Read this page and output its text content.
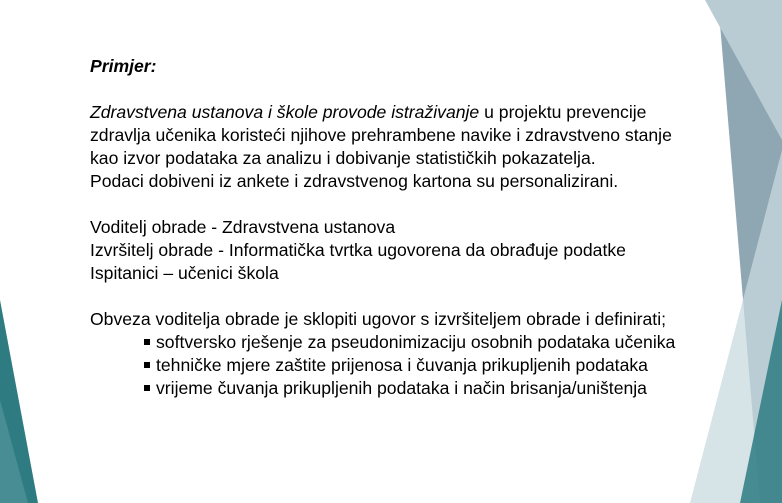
Primjer:
Zdravstvena ustanova i škole provode istraživanje u projektu prevencije
zdravlja učenika koristeći njihove prehrambene navike i zdravstveno stanje
kao izvor podataka za analizu i dobivanje statističkih pokazatelja.
Podaci dobiveni iz ankete i zdravstvenog kartona su personalizirani.
Voditelj obrade - Zdravstvena ustanova
Izvršitelj obrade - Informatička tvrtka ugovorena da obrađuje podatke
Ispitanici – učenici škola
Obveza voditelja obrade je sklopiti ugovor s izvršiteljem obrade i definirati;
softversko rješenje za pseudonimizaciju osobnih podataka učenika
tehničke mjere zaštite prijenosa i čuvanja prikupljenih podataka
vrijeme čuvanja prikupljenih podataka i način brisanja/uništenja
